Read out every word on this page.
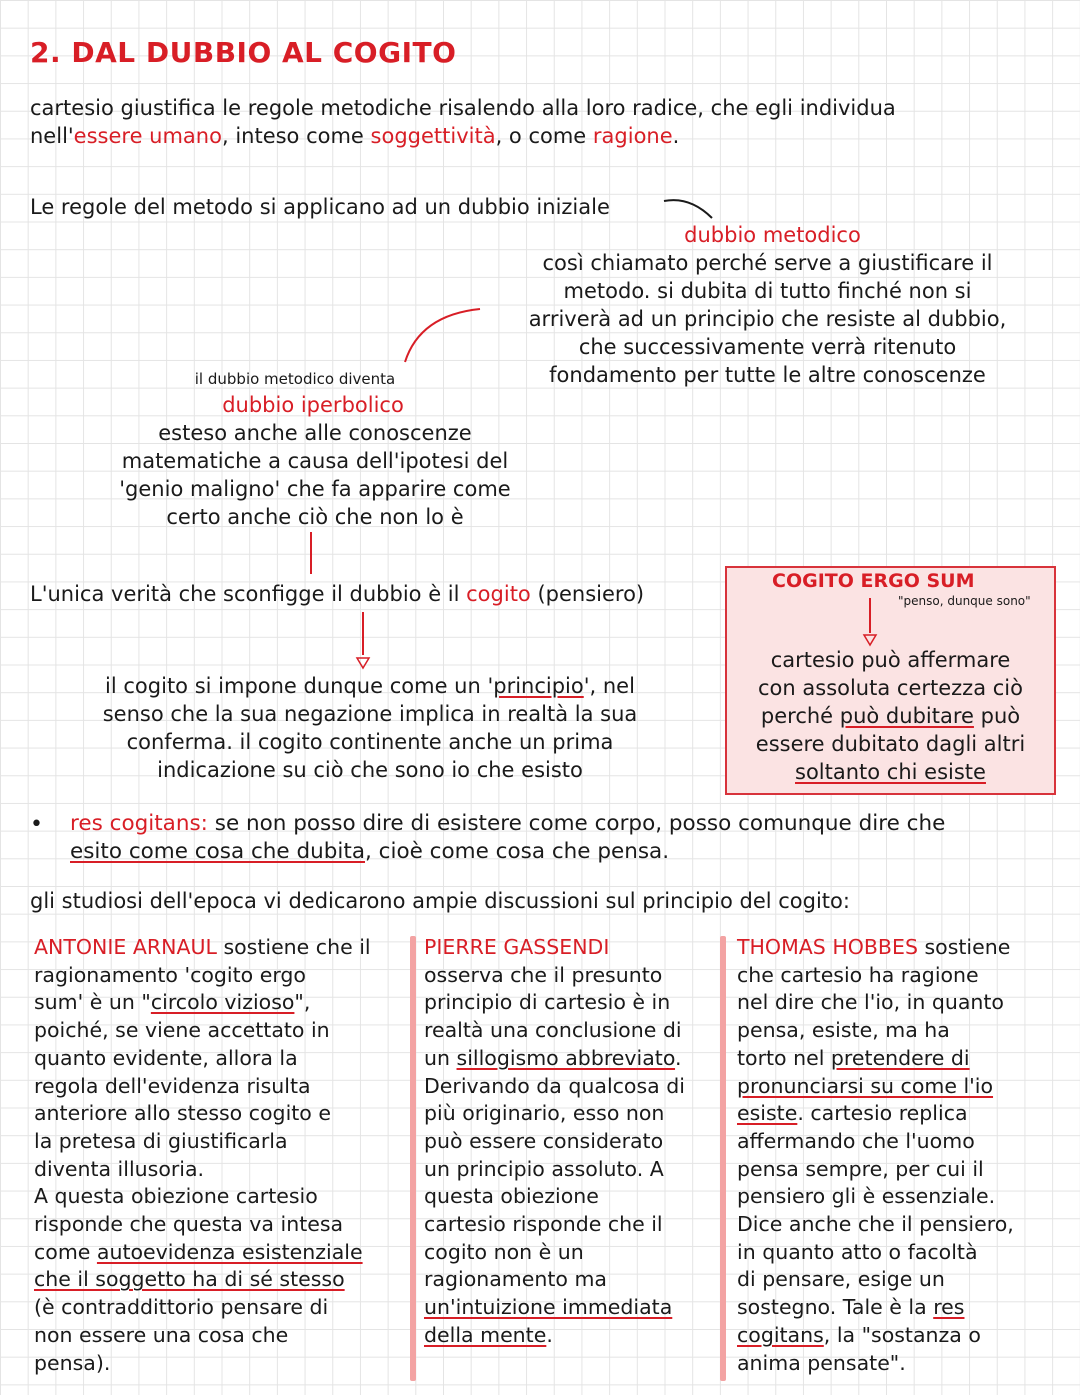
2. DAL DUBBIO AL COGITO
cartesio giustifica le regole metodiche risalendo alla loro radice, che egli individua
nell'essere umano, inteso come soggettività, o come ragione.
Le regole del metodo si applicano ad un dubbio iniziale
dubbio metodico
così chiamato perché serve a giustificare il
metodo. si dubita di tutto finché non si
arriverà ad un principio che resiste al dubbio,
che successivamente verrà ritenuto
fondamento per tutte le altre conoscenze
il dubbio metodico diventa
dubbio iperbolico
esteso anche alle conoscenze
matematiche a causa dell'ipotesi del
'genio maligno' che fa apparire come
certo anche ciò che non lo è
L'unica verità che sconfigge il dubbio è il cogito (pensiero)
il cogito si impone dunque come un 'principio', nel
senso che la sua negazione implica in realtà la sua
conferma. il cogito continente anche un prima
indicazione su ciò che sono io che esisto
COGITO ERGO SUM
"penso, dunque sono"
cartesio può affermare
con assoluta certezza ciò
perché può dubitare può
essere dubitato dagli altri
soltanto chi esiste
• res cogitans: se non posso dire di esistere come corpo, posso comunque dire che
esito come cosa che dubita, cioè come cosa che pensa.
gli studiosi dell'epoca vi dedicarono ampie discussioni sul principio del cogito:
ANTONIE ARNAUL sostiene che il
ragionamento 'cogito ergo
sum' è un "circolo vizioso",
poiché, se viene accettato in
quanto evidente, allora la
regola dell'evidenza risulta
anteriore allo stesso cogito e
la pretesa di giustificarla
diventa illusoria.
A questa obiezione cartesio
risponde che questa va intesa
come autoevidenza esistenziale
che il soggetto ha di sé stesso
(è contraddittorio pensare di
non essere una cosa che
pensa).
PIERRE GASSENDI
osserva che il presunto
principio di cartesio è in
realtà una conclusione di
un sillogismo abbreviato.
Derivando da qualcosa di
più originario, esso non
può essere considerato
un principio assoluto. A
questa obiezione
cartesio risponde che il
cogito non è un
ragionamento ma
un'intuizione immediata
della mente.
THOMAS HOBBES sostiene
che cartesio ha ragione
nel dire che l'io, in quanto
pensa, esiste, ma ha
torto nel pretendere di
pronunciarsi su come l'io
esiste. cartesio replica
affermando che l'uomo
pensa sempre, per cui il
pensiero gli è essenziale.
Dice anche che il pensiero,
in quanto atto o facoltà
di pensare, esige un
sostegno. Tale è la res
cogitans, la "sostanza o
anima pensate".
